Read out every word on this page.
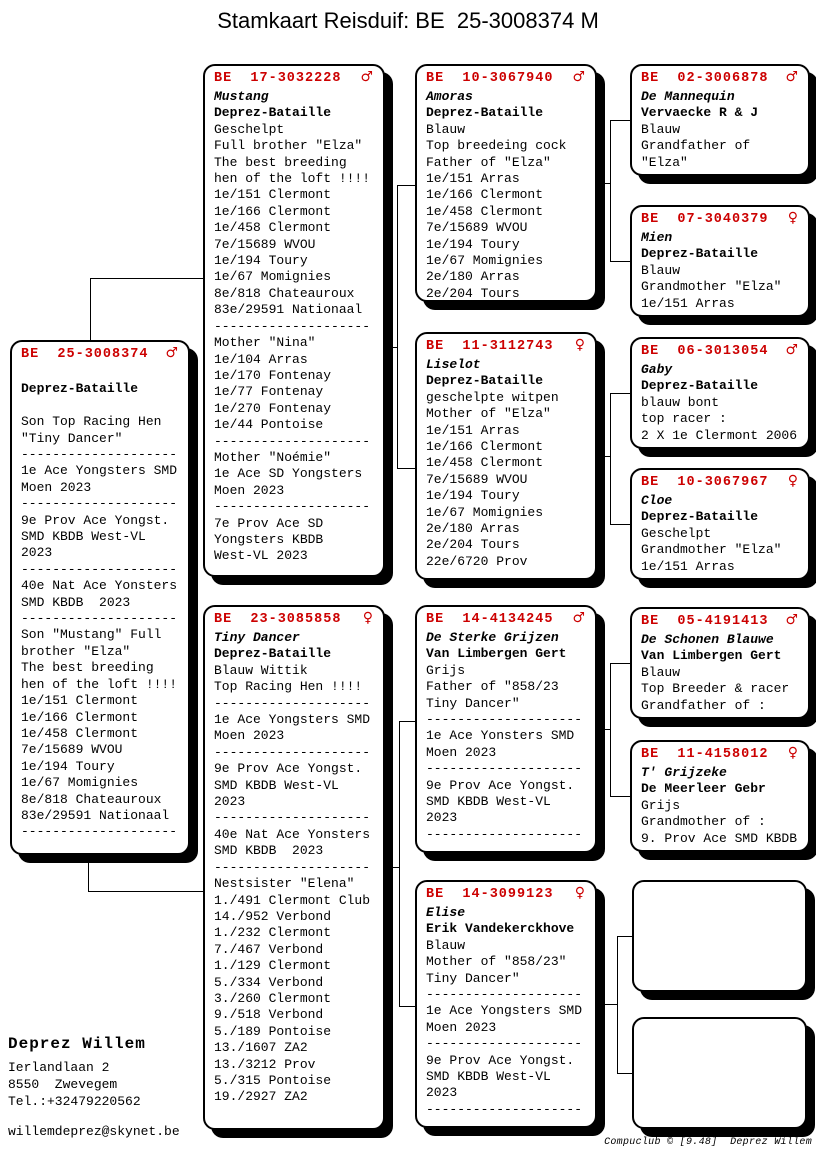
Stamkaart Reisduif: BE  25-3008374 M
BE  25-3008374 ♂
Deprez-Bataille
Son Top Racing Hen
"Tiny Dancer"
--------------------
1e Ace Yongsters SMD
Moen 2023
--------------------
9e Prov Ace Yongst.
SMD KBDB West-VL
2023
--------------------
40e Nat Ace Yonsters
SMD KBDB  2023
--------------------
Son "Mustang" Full
brother "Elza"
The best breeding
hen of the loft !!!!
1e/151 Clermont
1e/166 Clermont
1e/458 Clermont
7e/15689 WVOU
1e/194 Toury
1e/67 Momignies
8e/818 Chateauroux
83e/29591 Nationaal
--------------------
BE  17-3032228 ♂
Mustang
Deprez-Bataille
Geschelpt
Full brother "Elza"
The best breeding
hen of the loft !!!!
1e/151 Clermont
1e/166 Clermont
1e/458 Clermont
7e/15689 WVOU
1e/194 Toury
1e/67 Momignies
8e/818 Chateauroux
83e/29591 Nationaal
--------------------
Mother "Nina"
1e/104 Arras
1e/170 Fontenay
1e/77 Fontenay
1e/270 Fontenay
1e/44 Pontoise
--------------------
Mother "Noémie"
1e Ace SD Yongsters
Moen 2023
--------------------
7e Prov Ace SD
Yongsters KBDB
West-VL 2023
BE  23-3085858 ♀
Tiny Dancer
Deprez-Bataille
Blauw Wittik
Top Racing Hen !!!!
--------------------
1e Ace Yongsters SMD
Moen 2023
--------------------
9e Prov Ace Yongst.
SMD KBDB West-VL
2023
--------------------
40e Nat Ace Yonsters
SMD KBDB  2023
--------------------
Nestsister "Elena"
1./491 Clermont Club
14./952 Verbond
1./232 Clermont
7./467 Verbond
1./129 Clermont
5./334 Verbond
3./260 Clermont
9./518 Verbond
5./189 Pontoise
13./1607 ZA2
13./3212 Prov
5./315 Pontoise
19./2927 ZA2
BE  10-3067940 ♂
Amoras
Deprez-Bataille
Blauw
Top breedeing cock
Father of "Elza"
1e/151 Arras
1e/166 Clermont
1e/458 Clermont
7e/15689 WVOU
1e/194 Toury
1e/67 Momignies
2e/180 Arras
2e/204 Tours
BE  11-3112743 ♀
Liselot
Deprez-Bataille
geschelpte witpen
Mother of "Elza"
1e/151 Arras
1e/166 Clermont
1e/458 Clermont
7e/15689 WVOU
1e/194 Toury
1e/67 Momignies
2e/180 Arras
2e/204 Tours
22e/6720 Prov
BE  14-4134245 ♂
De Sterke Grijzen
Van Limbergen Gert
Grijs
Father of "858/23
Tiny Dancer"
--------------------
1e Ace Yonsters SMD
Moen 2023
--------------------
9e Prov Ace Yongst.
SMD KBDB West-VL
2023
--------------------
BE  14-3099123 ♀
Elise
Erik Vandekerckhove
Blauw
Mother of "858/23"
Tiny Dancer"
--------------------
1e Ace Yongsters SMD
Moen 2023
--------------------
9e Prov Ace Yongst.
SMD KBDB West-VL
2023
--------------------
BE  02-3006878 ♂
De Mannequin
Vervaecke R & J
Blauw
Grandfather of
"Elza"
BE  07-3040379 ♀
Mien
Deprez-Bataille
Blauw
Grandmother "Elza"
1e/151 Arras
BE  06-3013054 ♂
Gaby
Deprez-Bataille
blauw bont
top racer :
2 X 1e Clermont 2006
BE  10-3067967 ♀
Cloe
Deprez-Bataille
Geschelpt
Grandmother "Elza"
1e/151 Arras
BE  05-4191413 ♂
De Schonen Blauwe
Van Limbergen Gert
Blauw
Top Breeder & racer
Grandfather of :
BE  11-4158012 ♀
T' Grijzeke
De Meerleer Gebr
Grijs
Grandmother of :
9. Prov Ace SMD KBDB
Deprez Willem
Ierlandlaan 2
8550  Zwevegem
Tel.:+32479220562
willemdeprez@skynet.be
Compuclub © [9.48]  Deprez Willem
